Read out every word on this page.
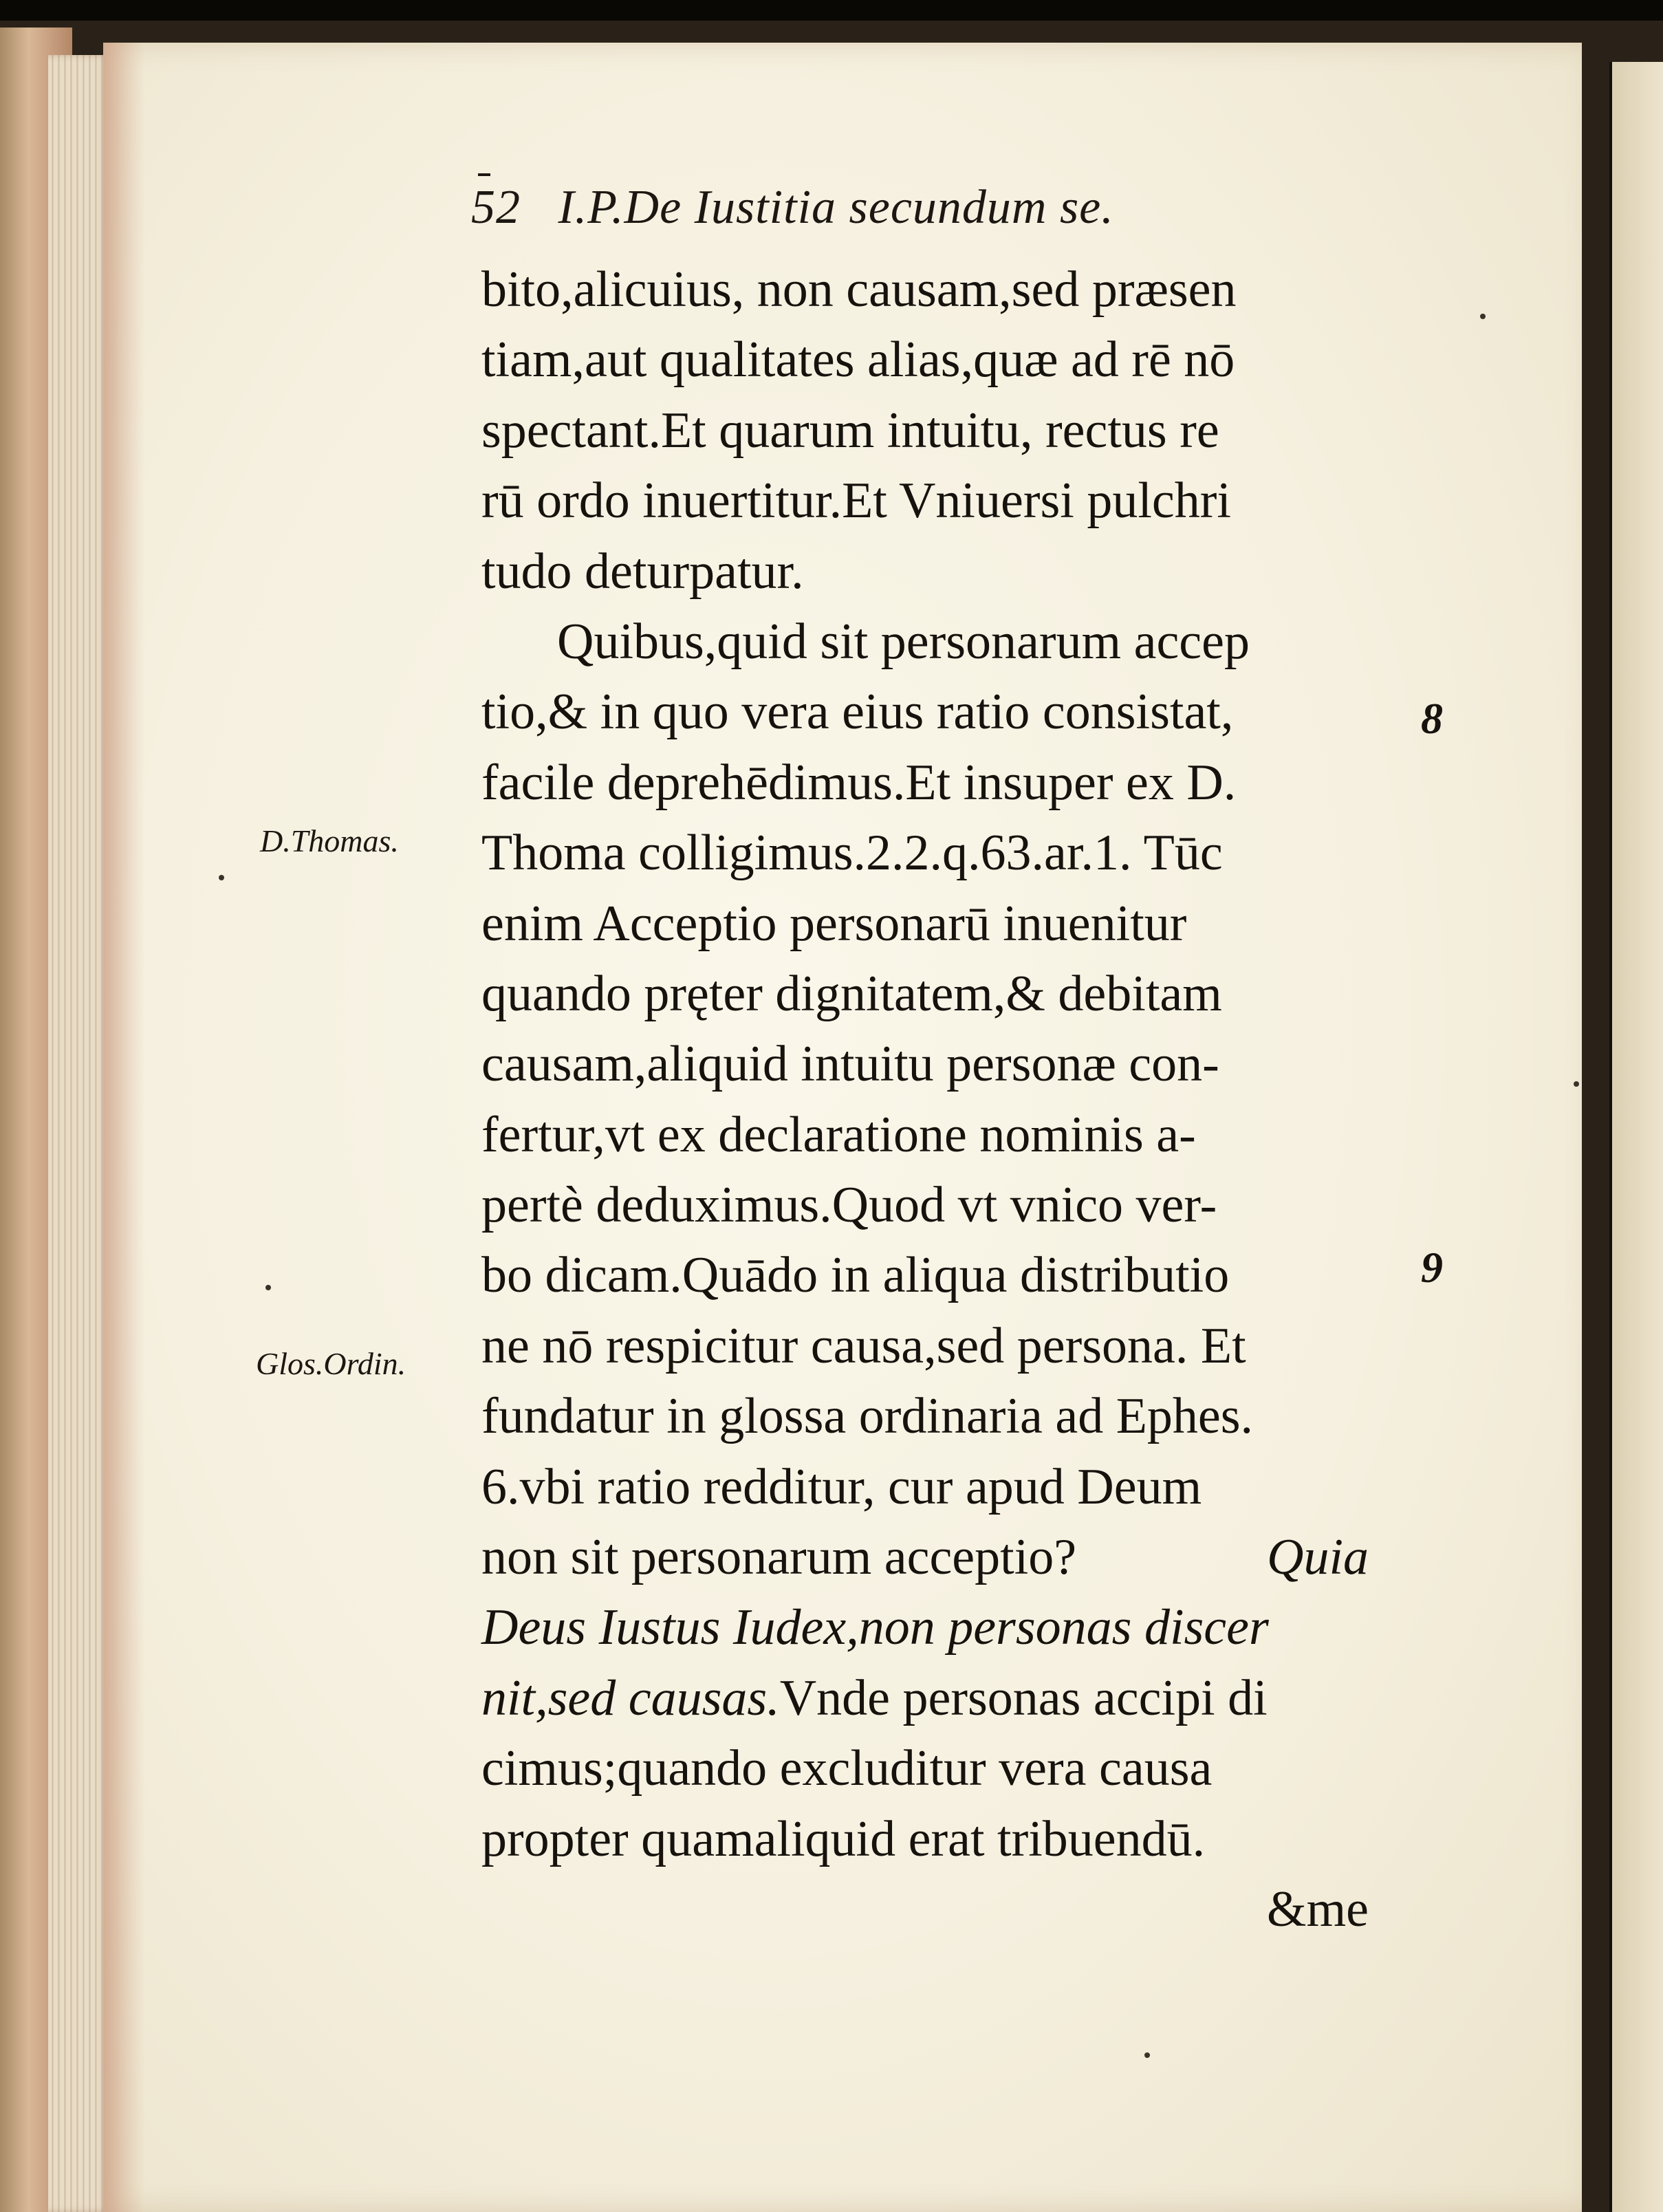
52 I.P.De Iustitia secundum se.
bito,alicuius, non causam,sed præsen
tiam,aut qualitates alias,quæ ad rē nō
spectant.Et quarum intuitu, rectus re
rū ordo inuertitur.Et Vniuersi pulchri
tudo deturpatur.
Quibus,quid sit personarum accep
tio,& in quo vera eius ratio consistat,
facile deprehēdimus.Et insuper ex D.
Thoma colligimus.2.2.q.63.ar.1. Tūc
enim Acceptio personarū inuenitur
quando pręter dignitatem,& debitam
causam,aliquid intuitu personæ con-
fertur,vt ex declaratione nominis a-
pertè deduximus.Quod vt vnico ver-
bo dicam.Quādo in aliqua distributio
ne nō respicitur causa,sed persona. Et
fundatur in glossa ordinaria ad Ephes.
6.vbi ratio redditur, cur apud Deum
non sit personarum acceptio?	Quia
Deus Iustus Iudex,non personas discer
nit,sed causas.Vnde personas accipi di
cimus;quando excluditur vera causa
propter quamaliquid erat tribuendū.
&me
D.Thomas.
Glos.Ordin.
8
9
